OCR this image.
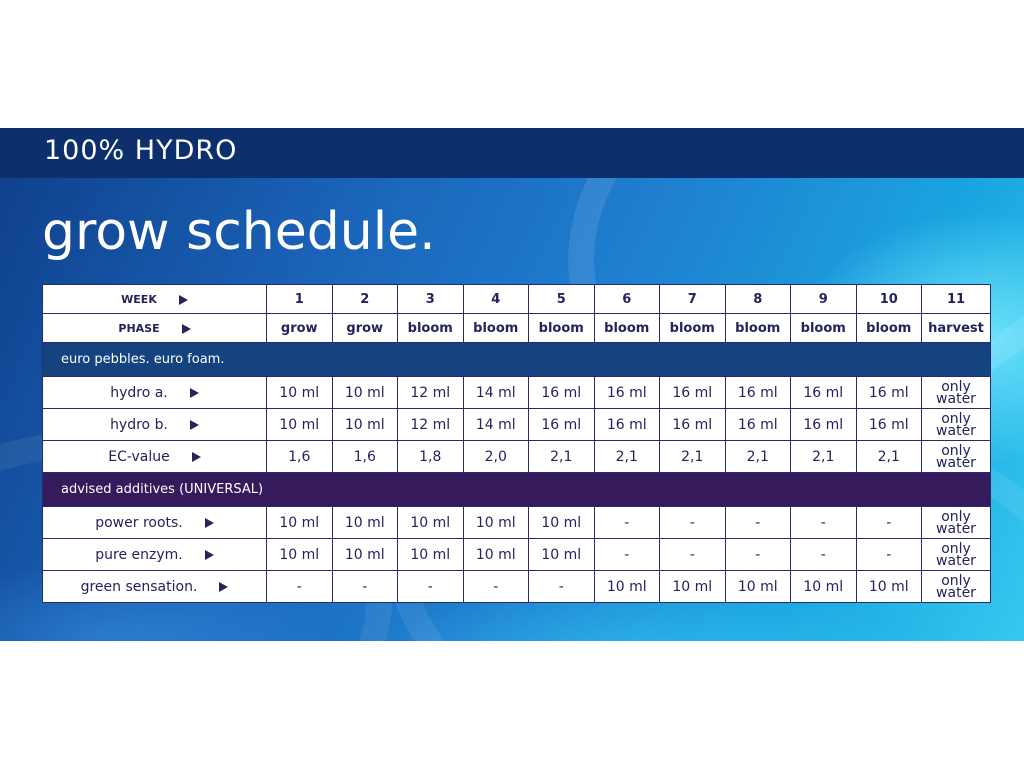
100% HYDRO
grow schedule.
WEEK	1	2	3	4	5	6	7	8	9	10	11
PHASE	grow	grow	bloom	bloom	bloom	bloom	bloom	bloom	bloom	bloom	harvest
euro pebbles. euro foam.											
hydro a.	10 ml	10 ml	12 ml	14 ml	16 ml	16 ml	16 ml	16 ml	16 ml	16 ml	only
water
hydro b.	10 ml	10 ml	12 ml	14 ml	16 ml	16 ml	16 ml	16 ml	16 ml	16 ml	only
water
EC-value	1,6	1,6	1,8	2,0	2,1	2,1	2,1	2,1	2,1	2,1	only
water
advised additives (UNIVERSAL)											
power roots.	10 ml	10 ml	10 ml	10 ml	10 ml	-	-	-	-	-	only
water
pure enzym.	10 ml	10 ml	10 ml	10 ml	10 ml	-	-	-	-	-	only
water
green sensation.	-	-	-	-	-	10 ml	10 ml	10 ml	10 ml	10 ml	only
water
